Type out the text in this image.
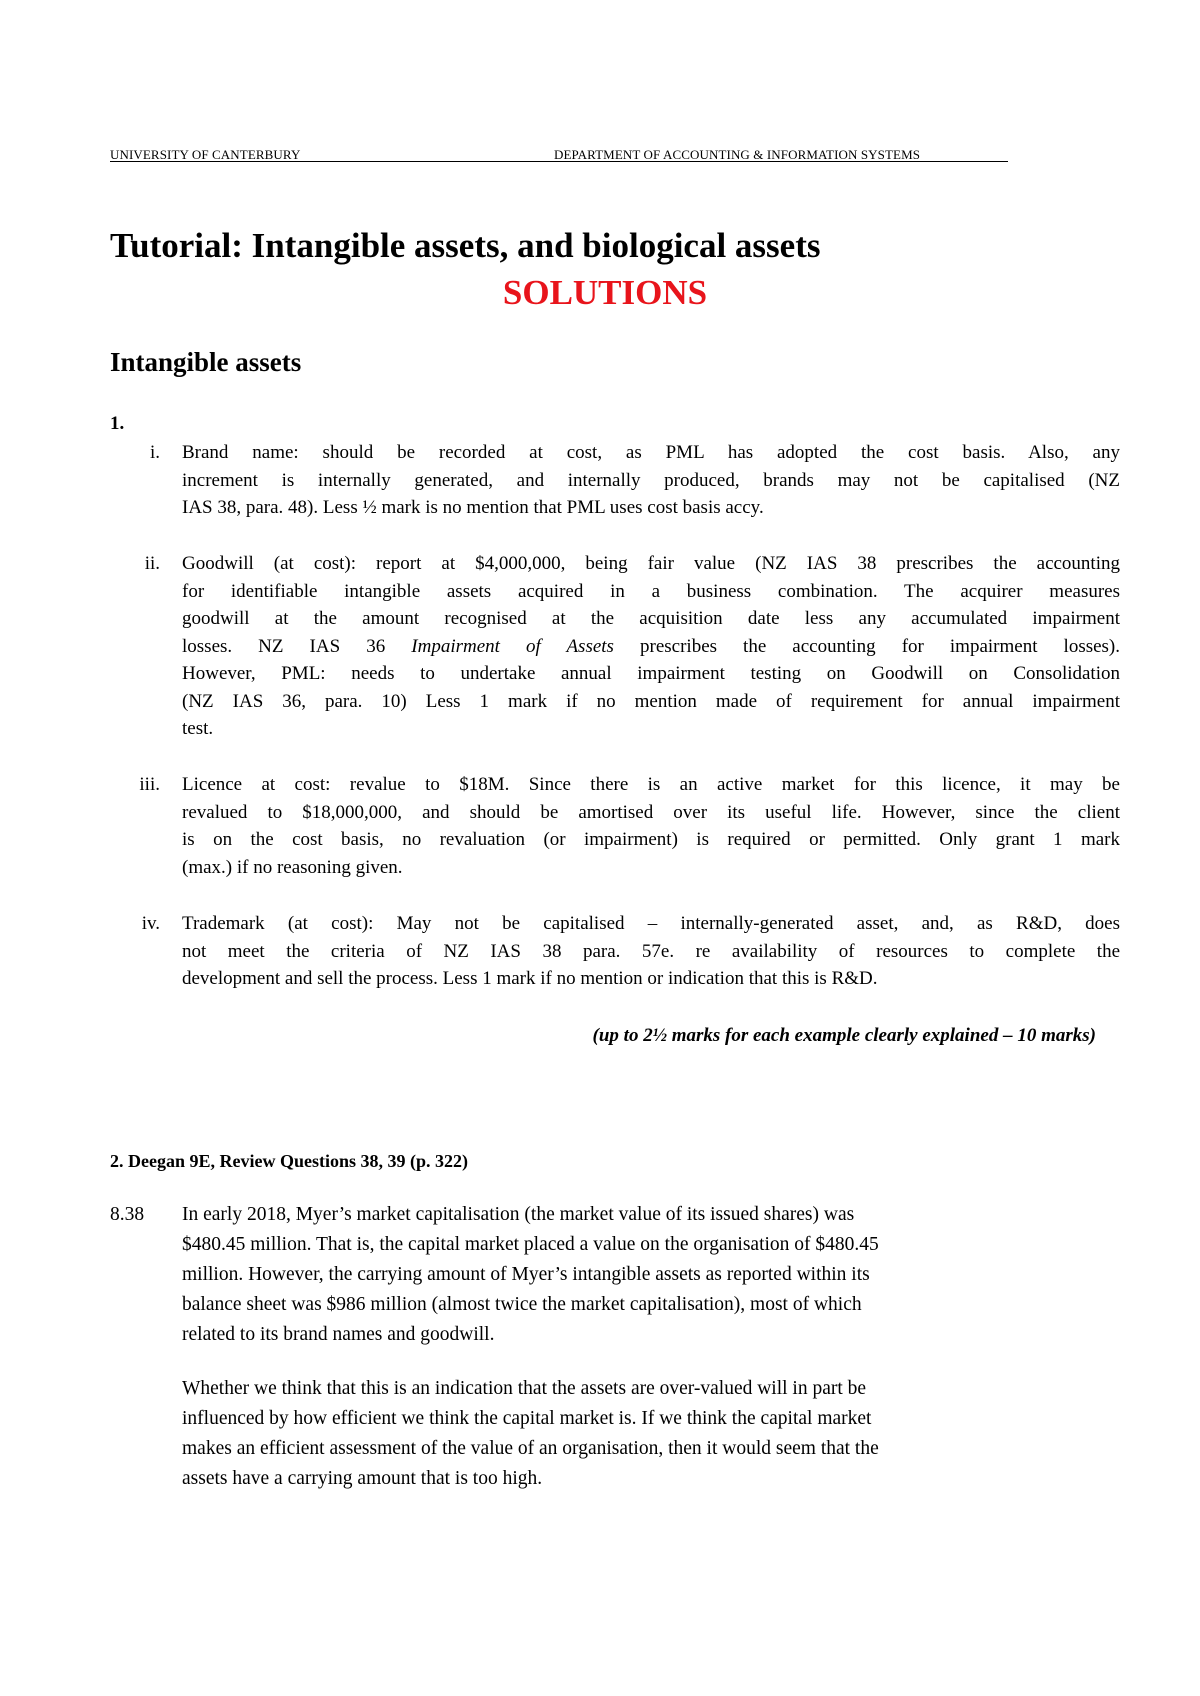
UNIVERSITY OF CANTERBURY	DEPARTMENT OF ACCOUNTING & INFORMATION SYSTEMS
Tutorial: Intangible assets, and biological assets
SOLUTIONS
Intangible assets
1.
i. Brand name: should be recorded at cost, as PML has adopted the cost basis. Also, any
increment is internally generated, and internally produced, brands may not be capitalised (NZ
IAS 38, para. 48). Less ½ mark is no mention that PML uses cost basis accy.
ii. Goodwill (at cost): report at $4,000,000, being fair value (NZ IAS 38 prescribes the accounting
for identifiable intangible assets acquired in a business combination. The acquirer measures
goodwill at the amount recognised at the acquisition date less any accumulated impairment
losses. NZ IAS 36 Impairment of Assets prescribes the accounting for impairment losses).
However, PML: needs to undertake annual impairment testing on Goodwill on Consolidation
(NZ IAS 36, para. 10) Less 1 mark if no mention made of requirement for annual impairment
test.
iii. Licence at cost: revalue to $18M. Since there is an active market for this licence, it may be
revalued to $18,000,000, and should be amortised over its useful life. However, since the client
is on the cost basis, no revaluation (or impairment) is required or permitted. Only grant 1 mark
(max.) if no reasoning given.
iv. Trademark (at cost): May not be capitalised – internally-generated asset, and, as R&D, does
not meet the criteria of NZ IAS 38 para. 57e. re availability of resources to complete the
development and sell the process. Less 1 mark if no mention or indication that this is R&D.
(up to 2½ marks for each example clearly explained – 10 marks)
2. Deegan 9E, Review Questions 38, 39 (p. 322)
8.38 In early 2018, Myer’s market capitalisation (the market value of its issued shares) was
$480.45 million. That is, the capital market placed a value on the organisation of $480.45
million. However, the carrying amount of Myer’s intangible assets as reported within its
balance sheet was $986 million (almost twice the market capitalisation), most of which
related to its brand names and goodwill.
Whether we think that this is an indication that the assets are over-valued will in part be
influenced by how efficient we think the capital market is. If we think the capital market
makes an efficient assessment of the value of an organisation, then it would seem that the
assets have a carrying amount that is too high.
